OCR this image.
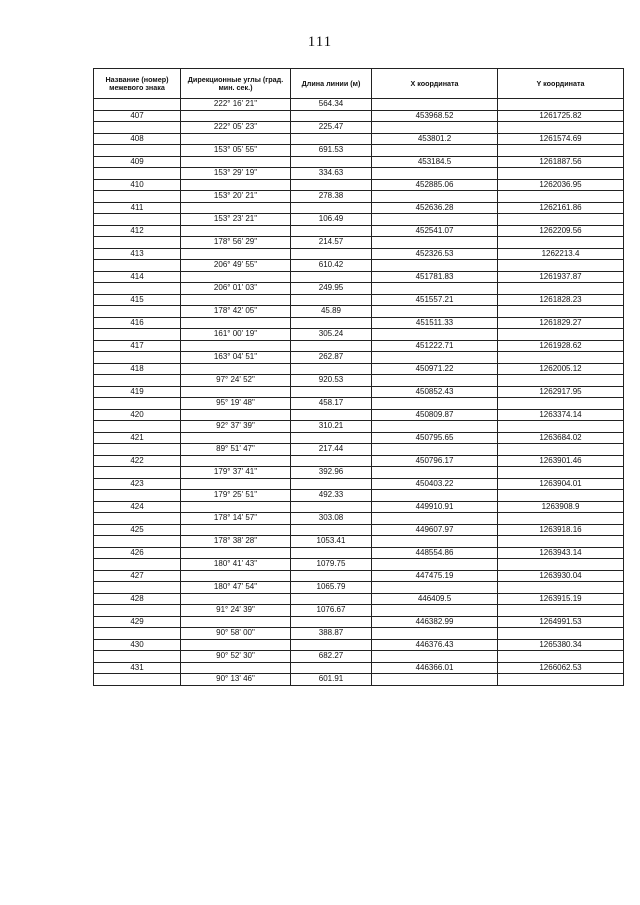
111
Название (номер) межевого знака	Дирекционные углы (град. мин. сек.)	Длина линии (м)	X координата	Y координата
	222° 16' 21"	564.34		
407			453968.52	1261725.82
	222° 05' 23"	225.47		
408			453801.2	1261574.69
	153° 05' 55"	691.53		
409			453184.5	1261887.56
	153° 29' 19"	334.63		
410			452885.06	1262036.95
	153° 20' 21"	278.38		
411			452636.28	1262161.86
	153° 23' 21"	106.49		
412			452541.07	1262209.56
	178° 56' 29"	214.57		
413			452326.53	1262213.4
	206° 49' 55"	610.42		
414			451781.83	1261937.87
	206° 01' 03"	249.95		
415			451557.21	1261828.23
	178° 42' 05"	45.89		
416			451511.33	1261829.27
	161° 00' 19"	305.24		
417			451222.71	1261928.62
	163° 04' 51"	262.87		
418			450971.22	1262005.12
	97° 24' 52"	920.53		
419			450852.43	1262917.95
	95° 19' 48"	458.17		
420			450809.87	1263374.14
	92° 37' 39"	310.21		
421			450795.65	1263684.02
	89° 51' 47"	217.44		
422			450796.17	1263901.46
	179° 37' 41"	392.96		
423			450403.22	1263904.01
	179° 25' 51"	492.33		
424			449910.91	1263908.9
	178° 14' 57"	303.08		
425			449607.97	1263918.16
	178° 38' 28"	1053.41		
426			448554.86	1263943.14
	180° 41' 43"	1079.75		
427			447475.19	1263930.04
	180° 47' 54"	1065.79		
428			446409.5	1263915.19
	91° 24' 39"	1076.67		
429			446382.99	1264991.53
	90° 58' 00"	388.87		
430			446376.43	1265380.34
	90° 52' 30"	682.27		
431			446366.01	1266062.53
	90° 13' 46"	601.91		
